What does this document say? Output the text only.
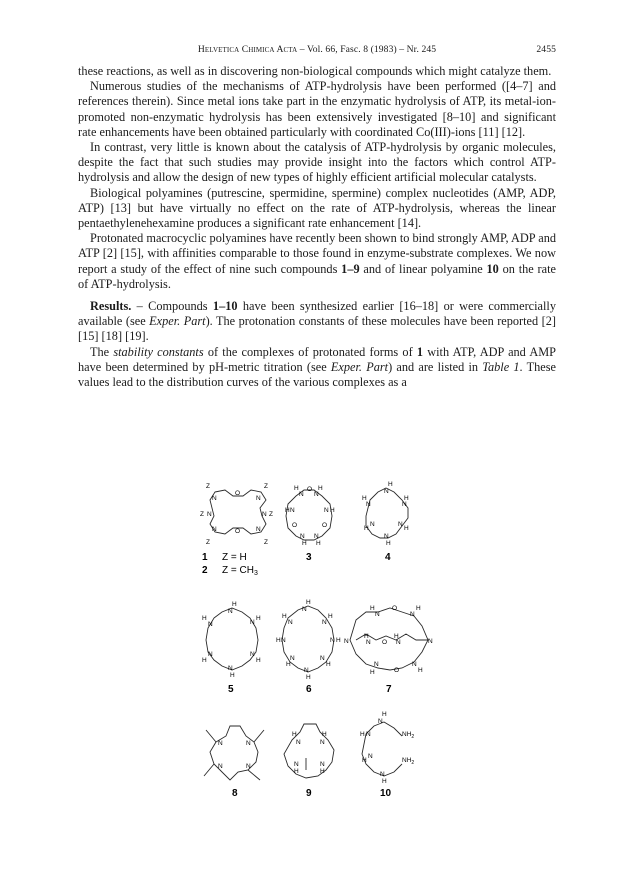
Helvetica Chimica Acta – Vol. 66, Fasc. 8 (1983) – Nr. 245	2455

these reactions, as well as in discovering non-biological compounds which might catalyze them.

Numerous studies of the mechanisms of ATP-hydrolysis have been performed ([4–7] and references therein). Since metal ions take part in the enzymatic hydrolysis of ATP, its metal-ion-promoted non-enzymatic hydrolysis has been extensively investigated [8–10] and significant rate enhancements have been obtained particularly with coordinated Co(III)-ions [11] [12].

In contrast, very little is known about the catalysis of ATP-hydrolysis by organic molecules, despite the fact that such studies may provide insight into the factors which control ATP-hydrolysis and allow the design of new types of highly efficient artificial molecular catalysts.

Biological polyamines (putrescine, spermidine, spermine) complex nucleotides (AMP, ADP, ATP) [13] but have virtually no effect on the rate of ATP-hydrolysis, whereas the linear pentaethylenehexamine produces a significant rate enhancement [14].

Protonated macrocyclic polyamines have recently been shown to bind strongly AMP, ADP and ATP [2] [15], with affinities comparable to those found in enzyme-substrate complexes. We now report a study of the effect of nine such compounds 1–9 and of linear polyamine 10 on the rate of ATP-hydrolysis.

Results. – Compounds 1–10 have been synthesized earlier [16–18] or were commercially available (see Exper. Part). The protonation constants of these molecules have been reported [2] [15] [18] [19].

The stability constants of the complexes of protonated forms of 1 with ATP, ADP and AMP have been determined by pH-metric titration (see Exper. Part) and are listed in Table 1. These values lead to the distribution curves of the various complexes as a

Z
O
Z
N	N
Z N	N Z
N	N
Z
O
Z
1 Z = H
2 $Z = CH_3$
H
N
O H
N
H N	N H
O	O
N N
H H
3
H
N
H
N
H
N
H
N	N
H
N
H
4
H
N
H
N	N
H
N
H
N
H
N
H
5
H
N
H
N	N
H
H N	N H
N
H
N
H
N
H
6
H
N
O
N
H
N
H
N O
H
N	N
N
H	O
N
H
7
N	N
N	N
8
H
N
H
N
N
H
N
H
9
H
N
H N	$NH_2$
$NH_2$
H
N
N
H
10
